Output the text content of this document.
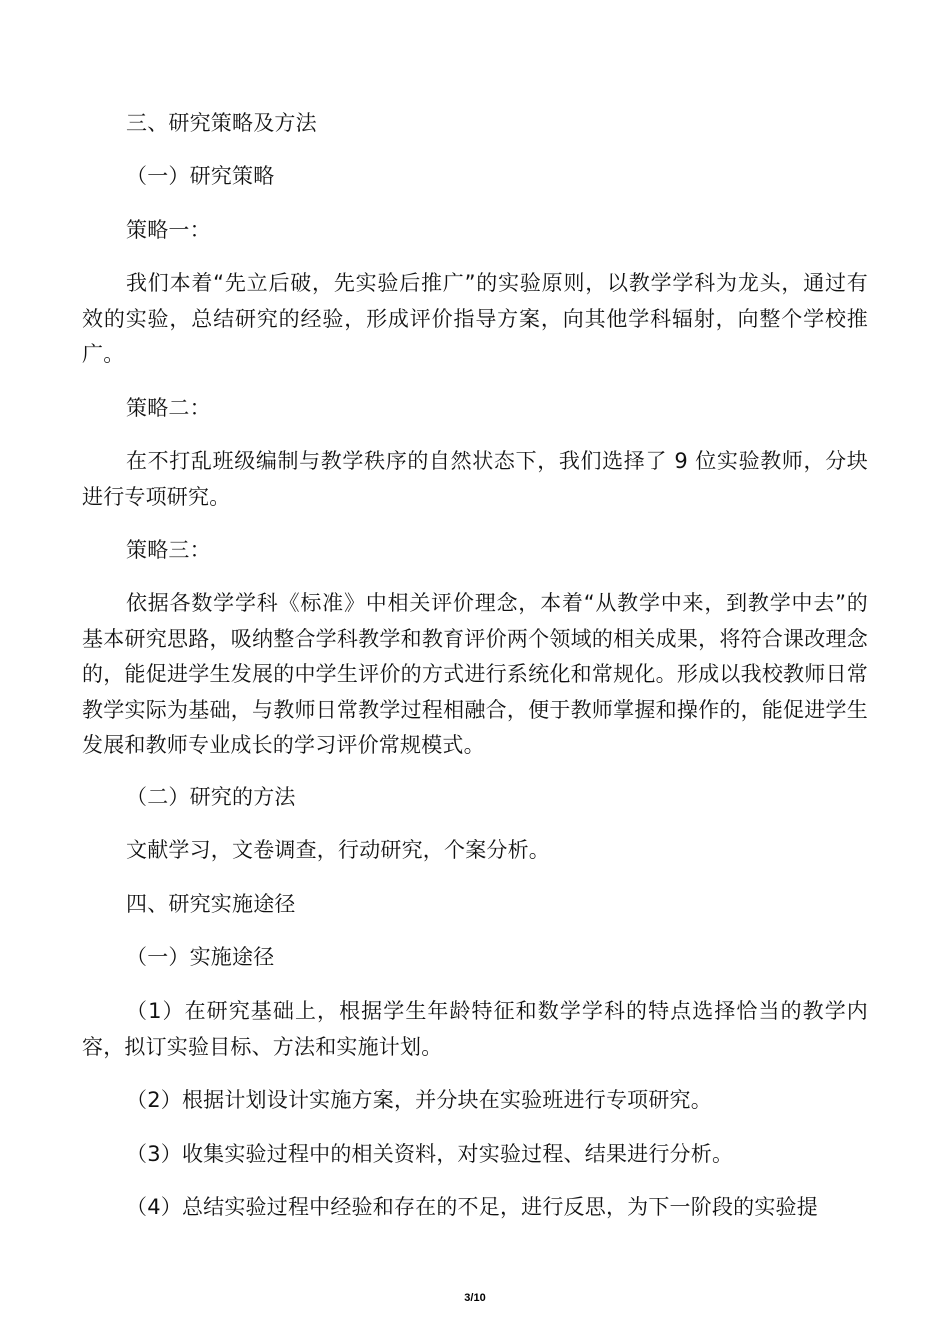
三、研究策略及方法
（一）研究策略
策略一：
我们本着“先立后破，先实验后推广”的实验原则，以教学学科为龙头，通过有效的实验，总结研究的经验，形成评价指导方案，向其他学科辐射，向整个学校推广。
策略二：
在不打乱班级编制与教学秩序的自然状态下，我们选择了 9 位实验教师，分块进行专项研究。
策略三：
依据各数学学科《标准》中相关评价理念，本着“从教学中来，到教学中去”的基本研究思路，吸纳整合学科教学和教育评价两个领域的相关成果，将符合课改理念的，能促进学生发展的中学生评价的方式进行系统化和常规化。形成以我校教师日常教学实际为基础，与教师日常教学过程相融合，便于教师掌握和操作的，能促进学生发展和教师专业成长的学习评价常规模式。
（二）研究的方法
文献学习，文卷调查，行动研究，个案分析。
四、研究实施途径
（一）实施途径
（1）在研究基础上，根据学生年龄特征和数学学科的特点选择恰当的教学内容，拟订实验目标、方法和实施计划。
（2）根据计划设计实施方案，并分块在实验班进行专项研究。
（3）收集实验过程中的相关资料，对实验过程、结果进行分析。
（4）总结实验过程中经验和存在的不足，进行反思，为下一阶段的实验提
3/10
